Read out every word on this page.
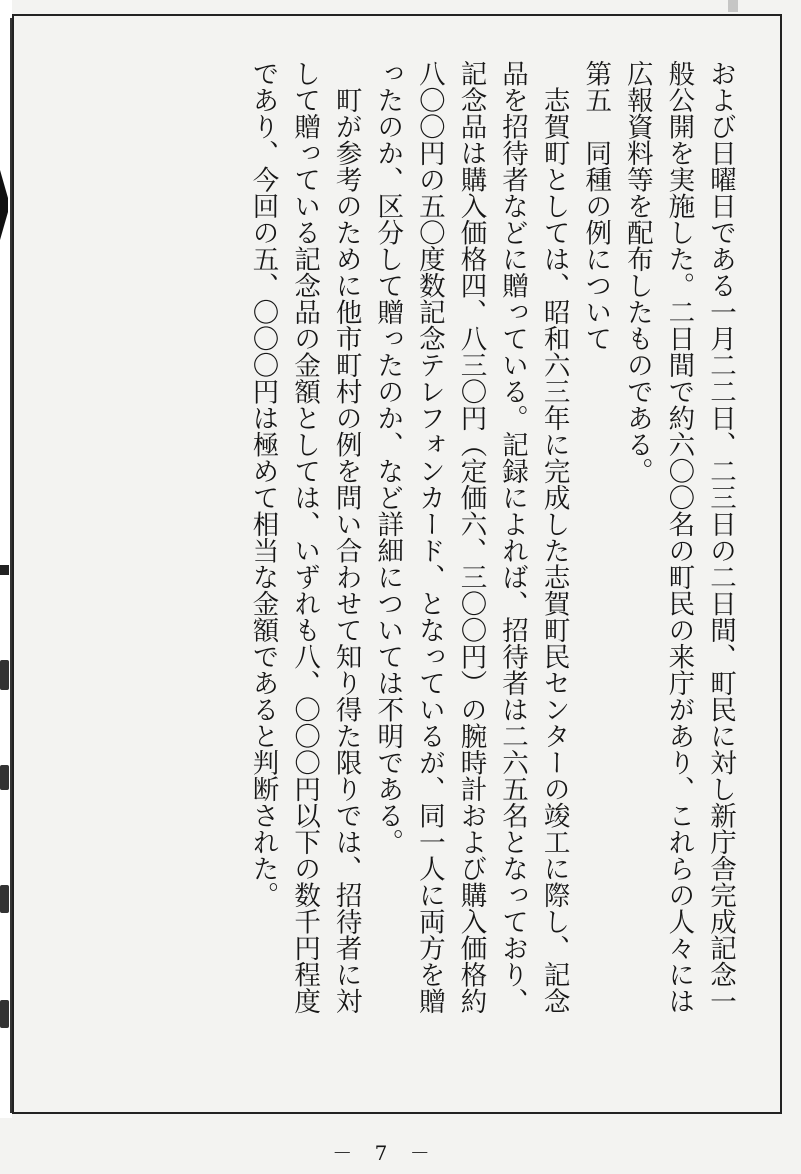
および日曜日である一月二二日、二三日の二日間、町民に対し新庁舎完成記念一
般公開を実施した。二日間で約六〇〇名の町民の来庁があり、これらの人々には
広報資料等を配布したものである。
第五　同種の例について
　志賀町としては、昭和六三年に完成した志賀町民センターの竣工に際し、記念
品を招待者などに贈っている。記録によれば、招待者は二六五名となっており、
記念品は購入価格四、八三〇円（定価六、三〇〇円）の腕時計および購入価格約
八〇〇円の五〇度数記念テレフォンカード、となっているが、同一人に両方を贈
ったのか、区分して贈ったのか、など詳細については不明である。
　町が参考のために他市町村の例を問い合わせて知り得た限りでは、招待者に対
して贈っている記念品の金額としては、いずれも八、〇〇〇円以下の数千円程度
であり、今回の五、〇〇〇円は極めて相当な金額であると判断された。
－ 7 －
